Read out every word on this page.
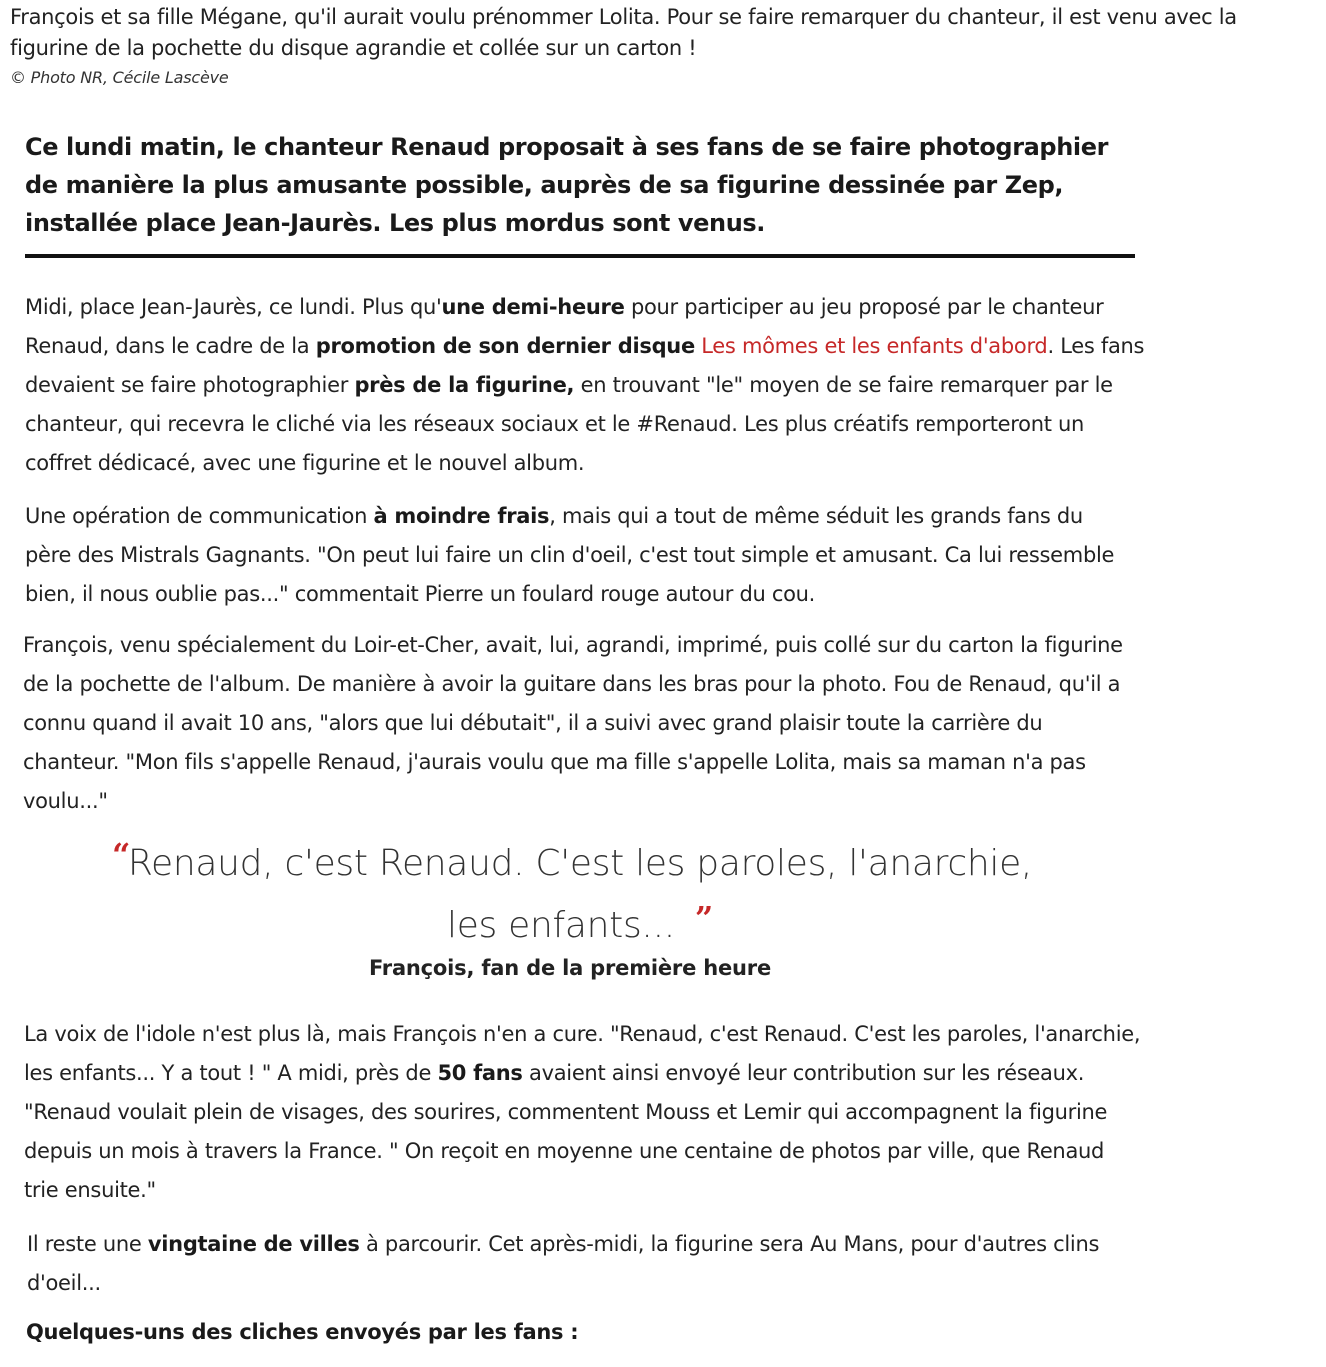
François et sa fille Mégane, qu'il aurait voulu prénommer Lolita. Pour se faire remarquer du chanteur, il est venu avec la figurine de la pochette du disque agrandie et collée sur un carton !

© Photo NR, Cécile Lascève

Ce lundi matin, le chanteur Renaud proposait à ses fans de se faire photographier de manière la plus amusante possible, auprès de sa figurine dessinée par Zep, installée place Jean-Jaurès. Les plus mordus sont venus.

Midi, place Jean-Jaurès, ce lundi. Plus qu'une demi-heure pour participer au jeu proposé par le chanteur Renaud, dans le cadre de la promotion de son dernier disque Les mômes et les enfants d'abord. Les fans devaient se faire photographier près de la figurine, en trouvant "le" moyen de se faire remarquer par le chanteur, qui recevra le cliché via les réseaux sociaux et le #Renaud. Les plus créatifs remporteront un coffret dédicacé, avec une figurine et le nouvel album.

Une opération de communication à moindre frais, mais qui a tout de même séduit les grands fans du père des Mistrals Gagnants. "On peut lui faire un clin d'oeil, c'est tout simple et amusant. Ca lui ressemble bien, il nous oublie pas..." commentait Pierre un foulard rouge autour du cou.

François, venu spécialement du Loir-et-Cher, avait, lui, agrandi, imprimé, puis collé sur du carton la figurine de la pochette de l'album. De manière à avoir la guitare dans les bras pour la photo. Fou de Renaud, qu'il a connu quand il avait 10 ans, "alors que lui débutait", il a suivi avec grand plaisir toute la carrière du chanteur. "Mon fils s'appelle Renaud, j'aurais voulu que ma fille s'appelle Lolita, mais sa maman n'a pas voulu..."

“
Renaud, c'est Renaud. C'est les paroles, l'anarchie,
les enfants... ”
François, fan de la première heure

La voix de l'idole n'est plus là, mais François n'en a cure. "Renaud, c'est Renaud. C'est les paroles, l'anarchie, les enfants... Y a tout ! " A midi, près de 50 fans avaient ainsi envoyé leur contribution sur les réseaux. "Renaud voulait plein de visages, des sourires, commentent Mouss et Lemir qui accompagnent la figurine depuis un mois à travers la France. " On reçoit en moyenne une centaine de photos par ville, que Renaud trie ensuite."

Il reste une vingtaine de villes à parcourir. Cet après-midi, la figurine sera Au Mans, pour d'autres clins d'oeil...

Quelques-uns des cliches envoyés par les fans :
